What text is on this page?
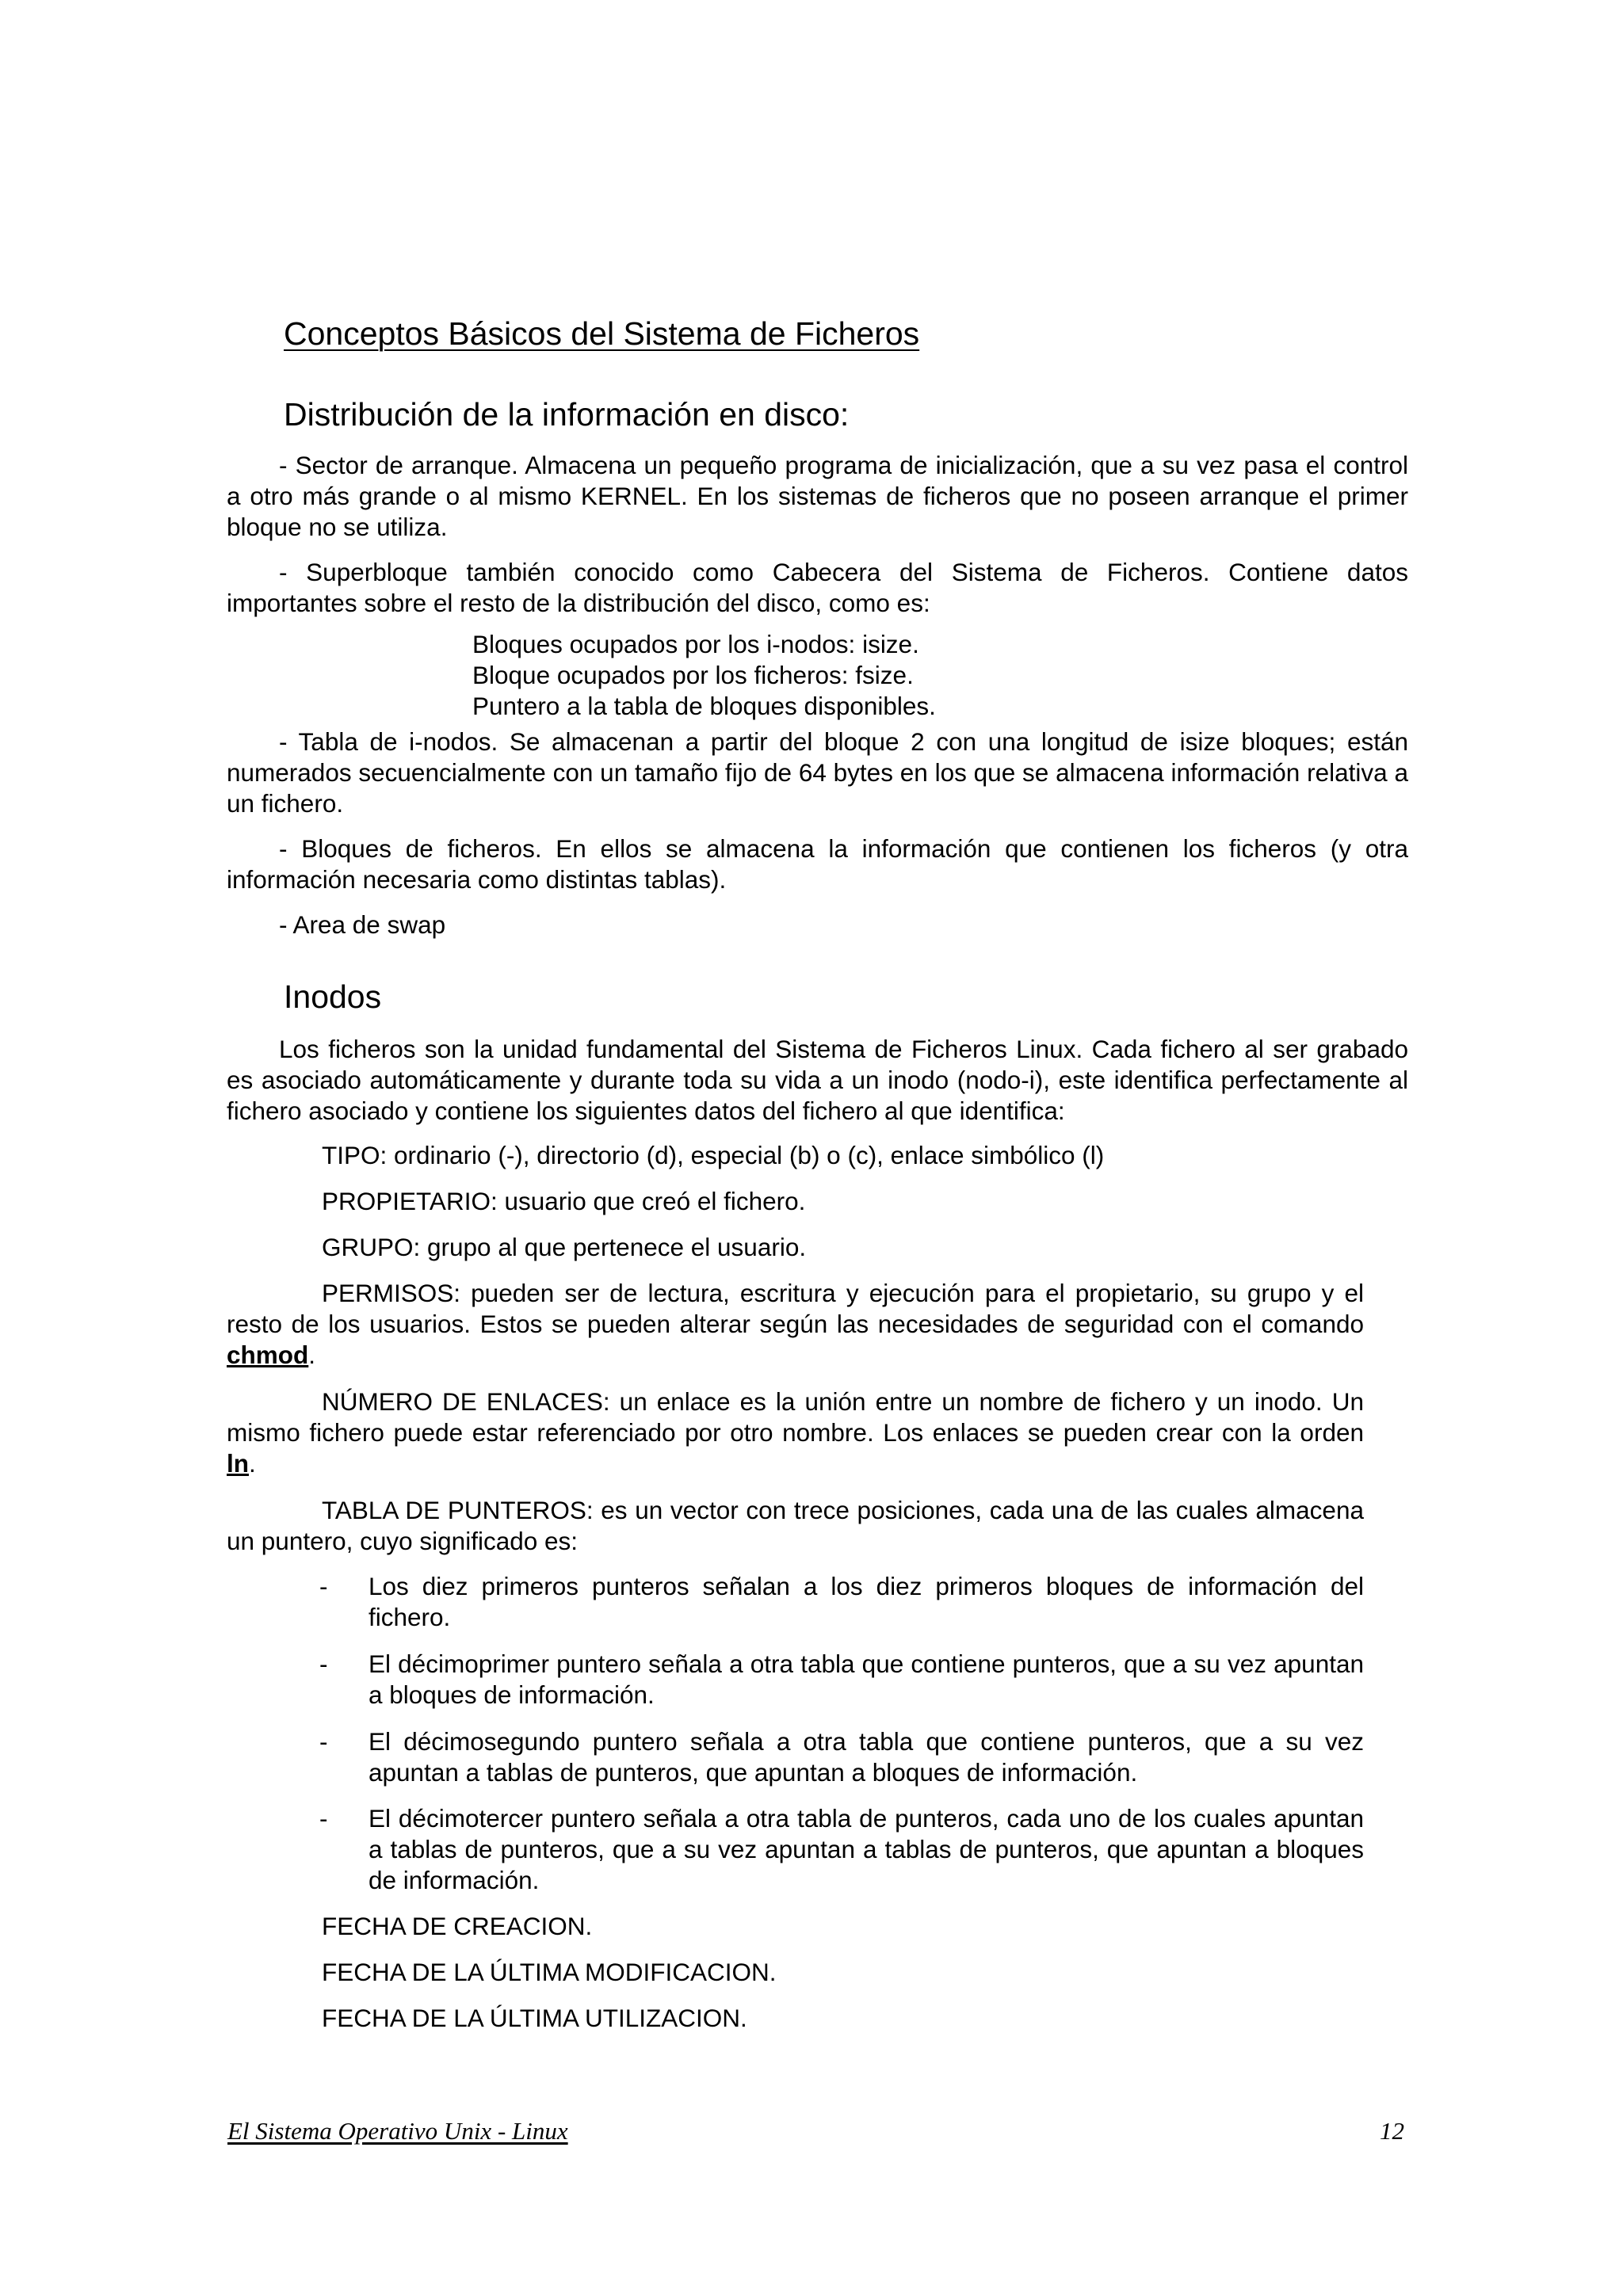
Conceptos Básicos del Sistema de Ficheros
Distribución de la información en disco:
- Sector de arranque. Almacena un pequeño programa de inicialización, que a su vez pasa el control a otro más grande o al mismo KERNEL. En los sistemas de ficheros que no poseen arranque el primer bloque no se utiliza.
- Superbloque también conocido como Cabecera del Sistema de Ficheros. Contiene datos importantes sobre el resto de la distribución del disco, como es:
Bloques ocupados por los i-nodos: isize.
Bloque ocupados por los ficheros: fsize.
Puntero a la tabla de bloques disponibles.
- Tabla de i-nodos. Se almacenan a partir del bloque 2 con una longitud de isize bloques; están numerados secuencialmente con un tamaño fijo de 64 bytes en los que se almacena información relativa a un fichero.
- Bloques de ficheros. En ellos se almacena la información que contienen los ficheros (y otra información necesaria como distintas tablas).
- Area de swap
Inodos
Los ficheros son la unidad fundamental del Sistema de Ficheros Linux. Cada fichero al ser grabado es asociado automáticamente y durante toda su vida a un inodo (nodo-i), este identifica perfectamente al fichero asociado y contiene los siguientes datos del fichero al que identifica:
TIPO: ordinario (-), directorio (d), especial (b) o (c), enlace simbólico (l)
PROPIETARIO: usuario que creó el fichero.
GRUPO: grupo al que pertenece el usuario.
PERMISOS: pueden ser de lectura, escritura y ejecución para el propietario, su grupo y el resto de los usuarios. Estos se pueden alterar según las necesidades de seguridad con el comando chmod.
NÚMERO DE ENLACES: un enlace es la unión entre un nombre de fichero y un inodo. Un mismo fichero puede estar referenciado por otro nombre. Los enlaces se pueden crear con la orden ln.
TABLA DE PUNTEROS: es un vector con trece posiciones, cada una de las cuales almacena un puntero, cuyo significado es:
- Los diez primeros punteros señalan a los diez primeros bloques de información del fichero.
- El décimoprimer puntero señala a otra tabla que contiene punteros, que a su vez apuntan a bloques de información.
- El décimosegundo puntero señala a otra tabla que contiene punteros, que a su vez apuntan a tablas de punteros, que apuntan a bloques de información.
- El décimotercer puntero señala a otra tabla de punteros, cada uno de los cuales apuntan a tablas de punteros, que a su vez apuntan a tablas de punteros, que apuntan a bloques de información.
FECHA DE CREACION.
FECHA DE LA ÚLTIMA MODIFICACION.
FECHA DE LA ÚLTIMA UTILIZACION.
El Sistema Operativo Unix - Linux	12
